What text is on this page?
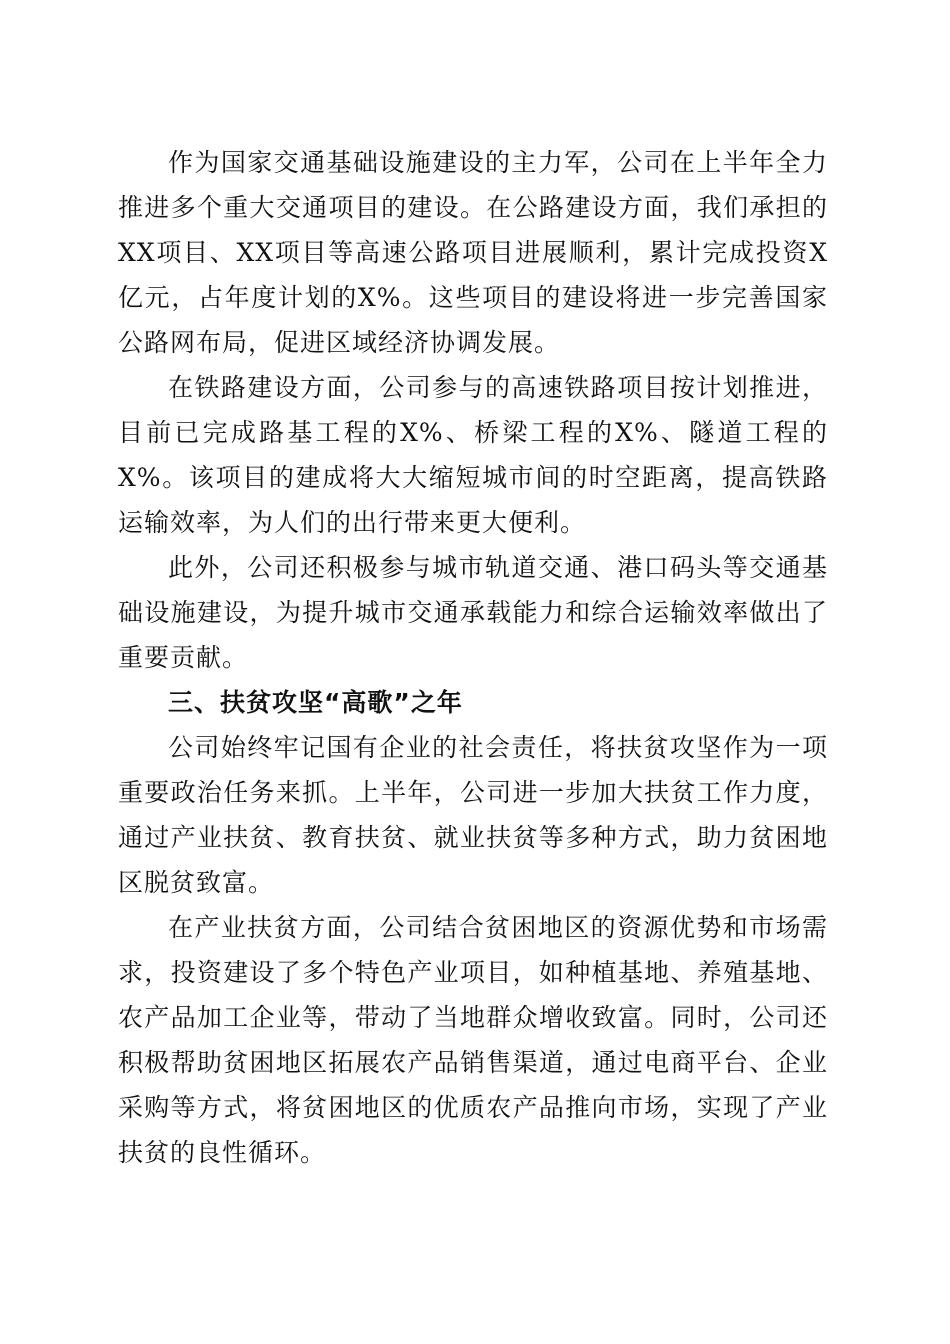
作为国家交通基础设施建设的主力军，公司在上半年全力推进多个重大交通项目的建设。在公路建设方面，我们承担的XX项目、XX项目等高速公路项目进展顺利，累计完成投资X亿元，占年度计划的X%。这些项目的建设将进一步完善国家公路网布局，促进区域经济协调发展。

在铁路建设方面，公司参与的高速铁路项目按计划推进，目前已完成路基工程的X%、桥梁工程的X%、隧道工程的X%。该项目的建成将大大缩短城市间的时空距离，提高铁路运输效率，为人们的出行带来更大便利。

此外，公司还积极参与城市轨道交通、港口码头等交通基础设施建设，为提升城市交通承载能力和综合运输效率做出了重要贡献。

三、扶贫攻坚“高歌”之年

公司始终牢记国有企业的社会责任，将扶贫攻坚作为一项重要政治任务来抓。上半年，公司进一步加大扶贫工作力度，通过产业扶贫、教育扶贫、就业扶贫等多种方式，助力贫困地区脱贫致富。

在产业扶贫方面，公司结合贫困地区的资源优势和市场需求，投资建设了多个特色产业项目，如种植基地、养殖基地、农产品加工企业等，带动了当地群众增收致富。同时，公司还积极帮助贫困地区拓展农产品销售渠道，通过电商平台、企业采购等方式，将贫困地区的优质农产品推向市场，实现了产业扶贫的良性循环。
